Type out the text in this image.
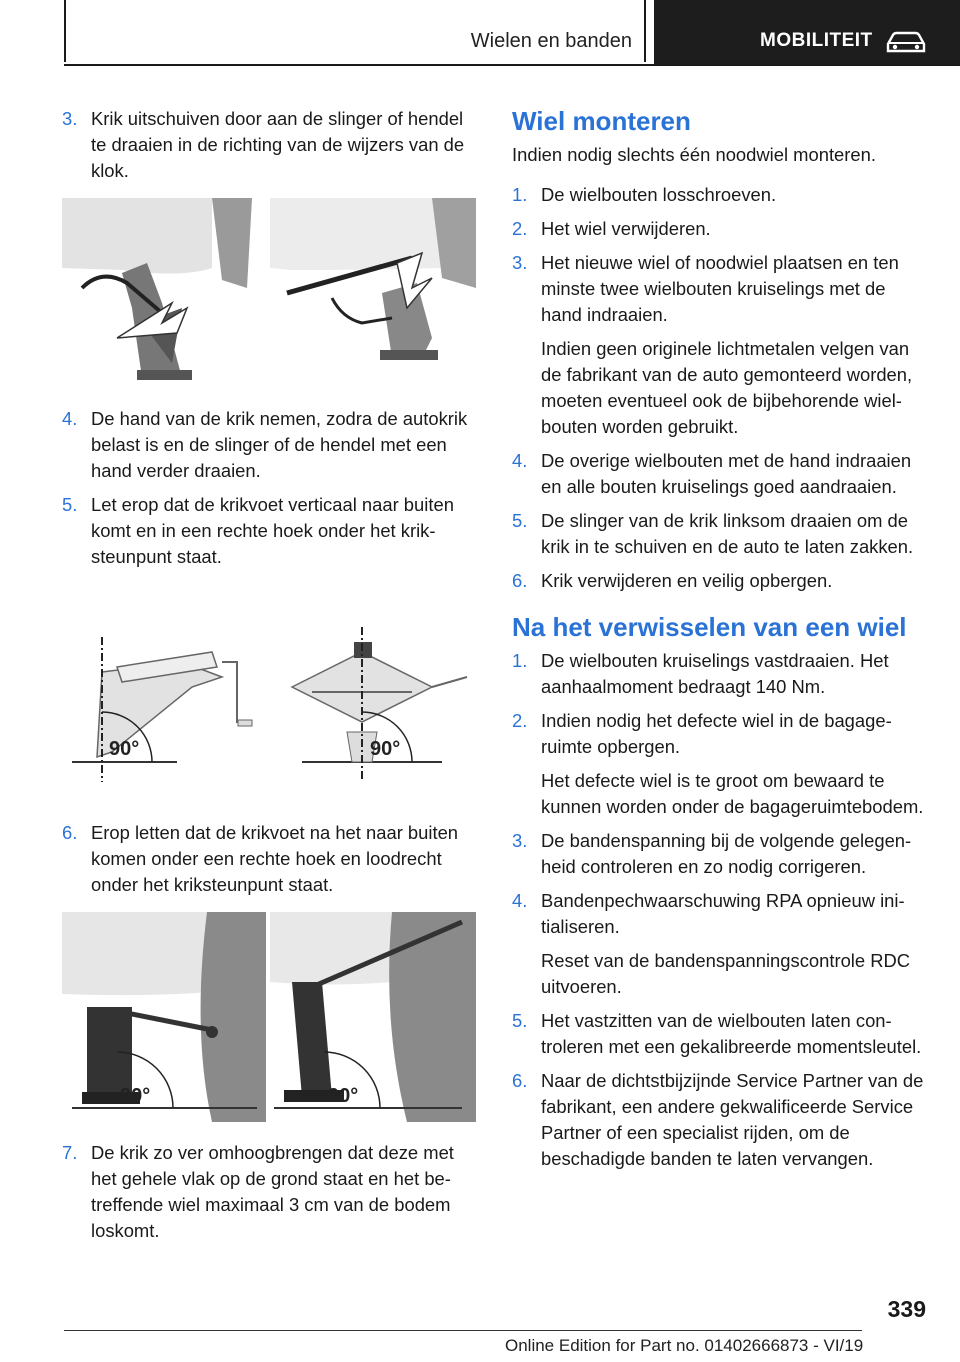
Wielen en banden	MOBILITEIT
3. Krik uitschuiven door aan de slinger of hendel te draaien in de richting van de wijzers van de klok.
4. De hand van de krik nemen, zodra de autokrik belast is en de slinger of de hendel met een hand verder draaien.
5. Let erop dat de krikvoet verticaal naar buiten komt en in een rechte hoek onder het kriksteunpunt staat.
90°	90°
6. Erop letten dat de krikvoet na het naar buiten komen onder een rechte hoek en loodrecht onder het kriksteunpunt staat.
90°	90°
7. De krik zo ver omhoogbrengen dat deze met het gehele vlak op de grond staat en het betreffende wiel maximaal 3 cm van de bodem loskomt.
Wiel monteren
Indien nodig slechts één noodwiel monteren.
1. De wielbouten losschroeven.
2. Het wiel verwijderen.
3. Het nieuwe wiel of noodwiel plaatsen en ten minste twee wielbouten kruiselings met de hand indraaien.
Indien geen originele lichtmetalen velgen van de fabrikant van de auto gemonteerd worden, moeten eventueel ook de bijbehorende wielbouten worden gebruikt.
4. De overige wielbouten met de hand indraaien en alle bouten kruiselings goed aandraaien.
5. De slinger van de krik linksom draaien om de krik in te schuiven en de auto te laten zakken.
6. Krik verwijderen en veilig opbergen.
Na het verwisselen van een wiel
1. De wielbouten kruiselings vastdraaien. Het aanhaalmoment bedraagt 140 Nm.
2. Indien nodig het defecte wiel in de bagageruimte opbergen.
Het defecte wiel is te groot om bewaard te kunnen worden onder de bagageruimtebodem.
3. De bandenspanning bij de volgende gelegenheid controleren en zo nodig corrigeren.
4. Bandenpechwaarschuwing RPA opnieuw initialiseren.
Reset van de bandenspanningscontrole RDC uitvoeren.
5. Het vastzitten van de wielbouten laten controleren met een gekalibreerde momentsleutel.
6. Naar de dichtstbijzijnde Service Partner van de fabrikant, een andere gekwalificeerde Service Partner of een specialist rijden, om de beschadigde banden te laten vervangen.
339
Online Edition for Part no. 01402666873 - VI/19
